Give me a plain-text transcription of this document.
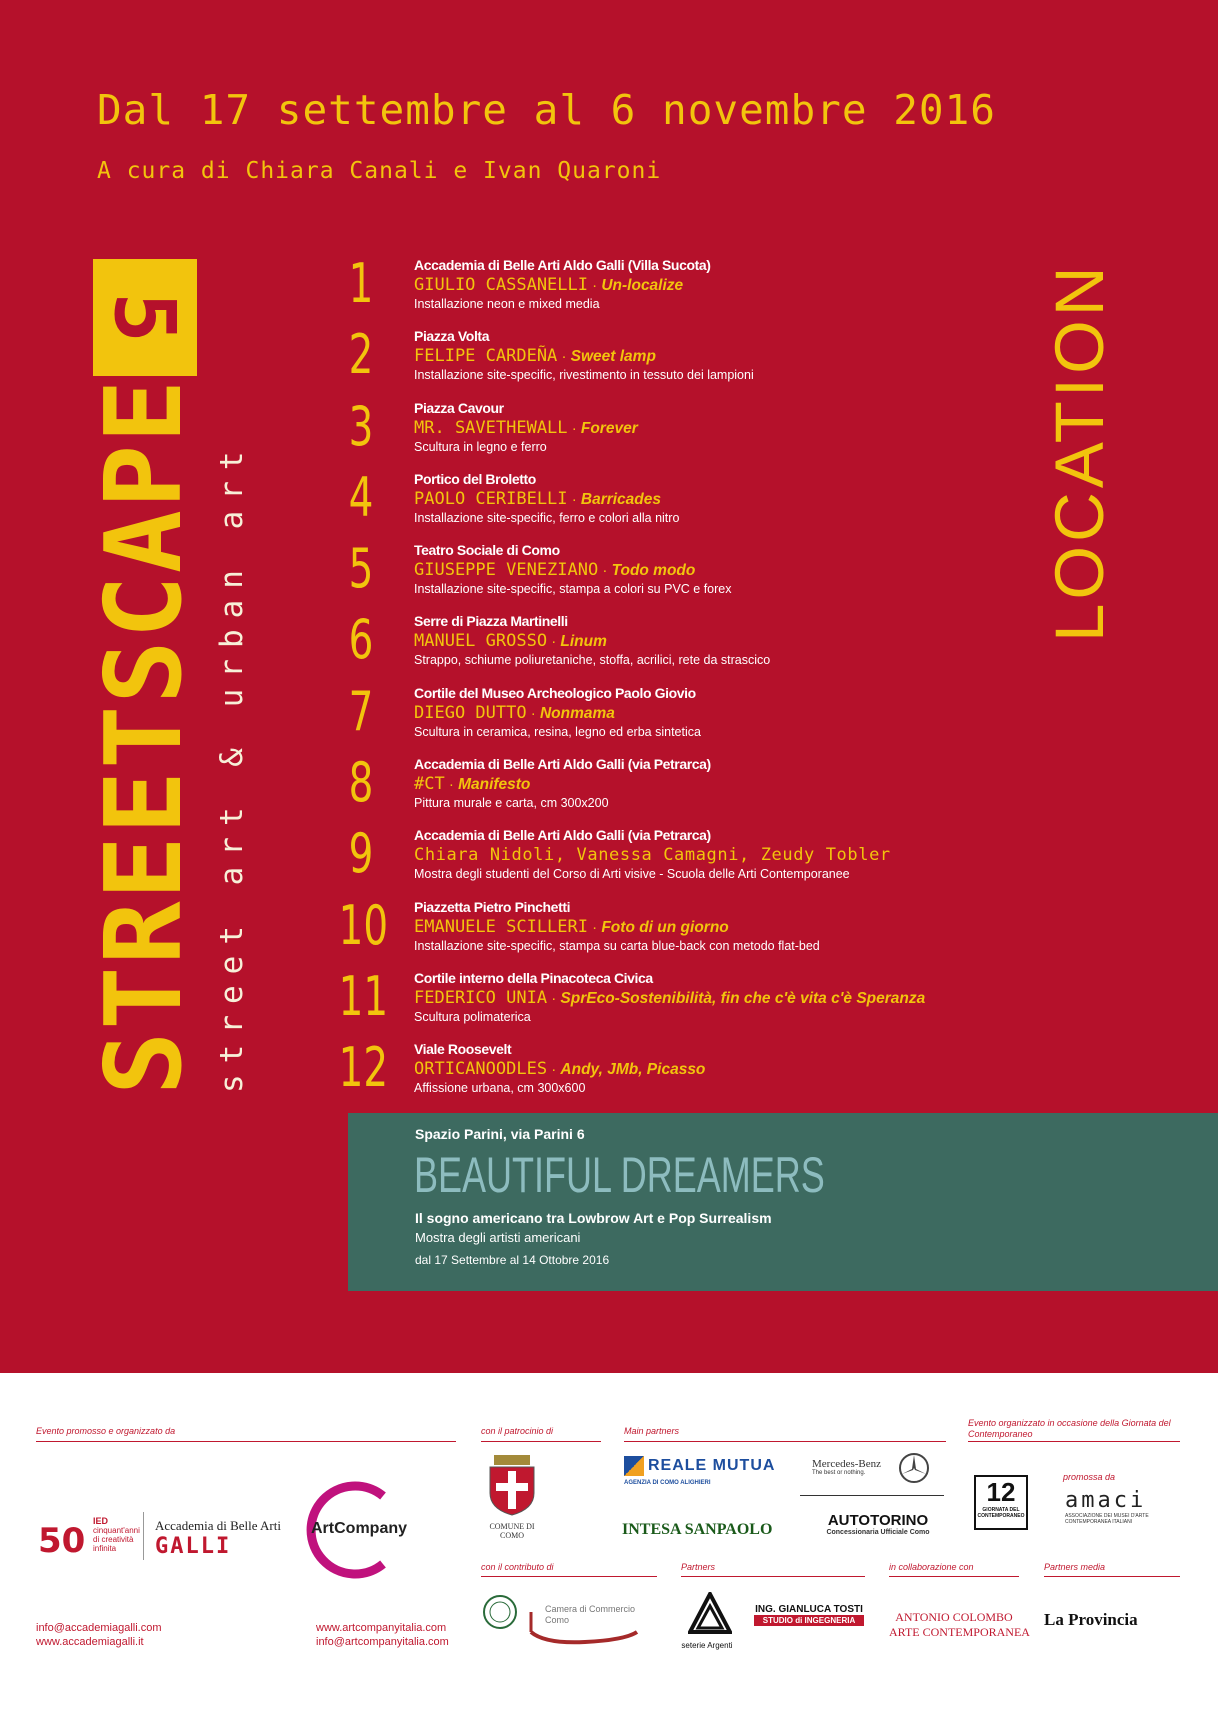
Dal 17 settembre al 6 novembre 2016
A cura di Chiara Canali e Ivan Quaroni
5
STREETSCAPE street art & urban art	LOCATION
1	Accademia di Belle Arti Aldo Galli (Villa Sucota)
GIULIO CASSANELLI · Un-localize
Installazione neon e mixed media
2	Piazza Volta
FELIPE CARDEÑA · Sweet lamp
Installazione site-specific, rivestimento in tessuto dei lampioni
3	Piazza Cavour
MR. SAVETHEWALL · Forever
Scultura in legno e ferro
4	Portico del Broletto
PAOLO CERIBELLI · Barricades
Installazione site-specific, ferro e colori alla nitro
5	Teatro Sociale di Como
GIUSEPPE VENEZIANO · Todo modo
Installazione site-specific, stampa a colori su PVC e forex
6	Serre di Piazza Martinelli
MANUEL GROSSO · Linum
Strappo, schiume poliuretaniche, stoffa, acrilici, rete da strascico
7	Cortile del Museo Archeologico Paolo Giovio
DIEGO DUTTO · Nonmama
Scultura in ceramica, resina, legno ed erba sintetica
8	Accademia di Belle Arti Aldo Galli (via Petrarca)
#CT · Manifesto
Pittura murale e carta, cm 300x200
9	Accademia di Belle Arti Aldo Galli (via Petrarca)
Chiara Nidoli, Vanessa Camagni, Zeudy Tobler
Mostra degli studenti del Corso di Arti visive - Scuola delle Arti Contemporanee
10 Piazzetta Pietro Pinchetti
EMANUELE SCILLERI · Foto di un giorno
Installazione site-specific, stampa su carta blue-back con metodo flat-bed
11 Cortile interno della Pinacoteca Civica
FEDERICO UNIA · SprEco-Sostenibilità, fin che c'è vita c'è Speranza
Scultura polimaterica
12 Viale Roosevelt
ORTICANOODLES · Andy, JMb, Picasso
Affissione urbana, cm 300x600
Spazio Parini, via Parini 6
BEAUTIFUL DREAMERS
Il sogno americano tra Lowbrow Art e Pop Surrealism
Mostra degli artisti americani
dal 17 Settembre al 14 Ottobre 2016
Evento promosso e organizzato da	con il patrocinio di	Main partners
Evento organizzato in occasione della Giornata del Contemporaneo
50 IED
cinquant'anni di creatività infinita
Accademia di Belle Arti
GALLI
ArtCompany	COMUNE DI COMO
REALE MUTUA
AGENZIA DI COMO ALIGHIERI
INTESA SANPAOLO
Mercedes-Benz
The best or nothing.
AUTOTORINO
Concessionaria Ufficiale Como
12
GIORNATA DEL CONTEMPORANEO
promossa da
amaci
ASSOCIAZIONE DEI MUSEI D'ARTE CONTEMPORANEA ITALIANI
con il contributo di	Partners	in collaborazione con	Partners media
Camera di Commercio Como
seterie Argenti
ING. GIANLUCA TOSTI
STUDIO di INGEGNERIA	ANTONIO COLOMBO
ARTE CONTEMPORANEA
La Provincia
info@accademiagalli.com
www.accademiagalli.it
www.artcompanyitalia.com
info@artcompanyitalia.com
